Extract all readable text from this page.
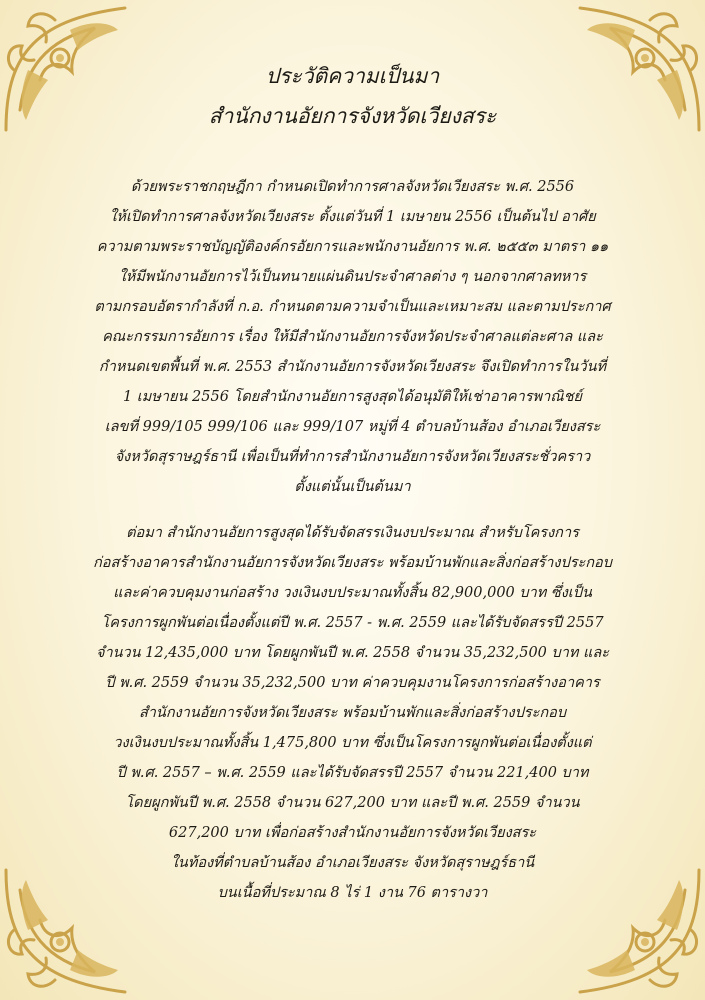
ประวัติความเป็นมา
สำนักงานอัยการจังหวัดเวียงสระ
ด้วยพระราชกฤษฎีกา กำหนดเปิดทำการศาลจังหวัดเวียงสระ พ.ศ. 2556
ให้เปิดทำการศาลจังหวัดเวียงสระ ตั้งแต่วันที่ 1 เมษายน 2556 เป็นต้นไป อาศัย
ความตามพระราชบัญญัติองค์กรอัยการและพนักงานอัยการ พ.ศ. ๒๕๕๓ มาตรา ๑๑
ให้มีพนักงานอัยการไว้เป็นทนายแผ่นดินประจำศาลต่าง ๆ นอกจากศาลทหาร
ตามกรอบอัตรากำลังที่ ก.อ. กำหนดตามความจำเป็นและเหมาะสม และตามประกาศ
คณะกรรมการอัยการ เรื่อง ให้มีสำนักงานอัยการจังหวัดประจำศาลแต่ละศาล และ
กำหนดเขตพื้นที่ พ.ศ. 2553 สำนักงานอัยการจังหวัดเวียงสระ จึงเปิดทำการในวันที่
1 เมษายน 2556 โดยสำนักงานอัยการสูงสุดได้อนุมัติให้เช่าอาคารพาณิชย์
เลขที่ 999/105 999/106 และ 999/107 หมู่ที่ 4 ตำบลบ้านส้อง อำเภอเวียงสระ
จังหวัดสุราษฎร์ธานี เพื่อเป็นที่ทำการสำนักงานอัยการจังหวัดเวียงสระชั่วคราว
ตั้งแต่นั้นเป็นต้นมา
ต่อมา สำนักงานอัยการสูงสุดได้รับจัดสรรเงินงบประมาณ สำหรับโครงการ
ก่อสร้างอาคารสำนักงานอัยการจังหวัดเวียงสระ พร้อมบ้านพักและสิ่งก่อสร้างประกอบ
และค่าควบคุมงานก่อสร้าง วงเงินงบประมาณทั้งสิ้น 82,900,000 บาท ซึ่งเป็น
โครงการผูกพันต่อเนื่องตั้งแต่ปี พ.ศ. 2557 - พ.ศ. 2559 และได้รับจัดสรรปี 2557
จำนวน 12,435,000 บาท โดยผูกพันปี พ.ศ. 2558 จำนวน 35,232,500 บาท และ
ปี พ.ศ. 2559 จำนวน 35,232,500 บาท ค่าควบคุมงานโครงการก่อสร้างอาคาร
สำนักงานอัยการจังหวัดเวียงสระ พร้อมบ้านพักและสิ่งก่อสร้างประกอบ
วงเงินงบประมาณทั้งสิ้น 1,475,800 บาท ซึ่งเป็นโครงการผูกพันต่อเนื่องตั้งแต่
ปี พ.ศ. 2557 – พ.ศ. 2559 และได้รับจัดสรรปี 2557 จำนวน 221,400 บาท
โดยผูกพันปี พ.ศ. 2558 จำนวน 627,200 บาท และปี พ.ศ. 2559 จำนวน
627,200 บาท เพื่อก่อสร้างสำนักงานอัยการจังหวัดเวียงสระ
ในท้องที่ตำบลบ้านส้อง อำเภอเวียงสระ จังหวัดสุราษฎร์ธานี
บนเนื้อที่ประมาณ 8 ไร่ 1 งาน 76 ตารางวา
